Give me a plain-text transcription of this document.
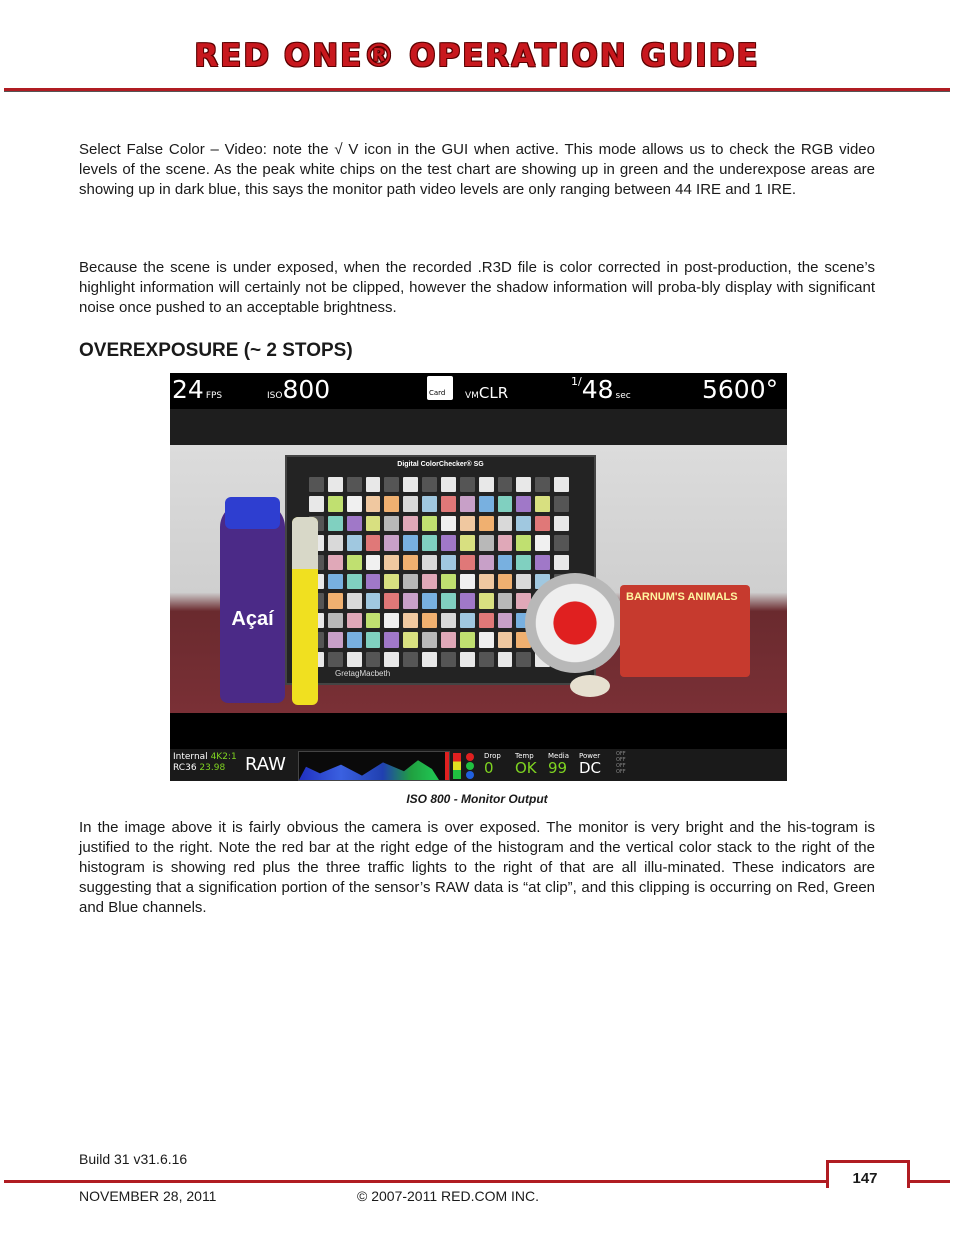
RED ONE® OPERATION GUIDE

Select False Color – Video: note the √ V icon in the GUI when active. This mode allows us to check the RGB video levels of the scene. As the peak white chips on the test chart are showing up in green and the underexpose areas are showing up in dark blue, this says the monitor path video levels are only ranging between 44 IRE and 1 IRE.

Because the scene is under exposed, when the recorded .R3D file is color corrected in post-production, the scene’s highlight information will certainly not be clipped, however the shadow information will proba-bly display with significant noise once pushed to an acceptable brightness.

OVEREXPOSURE (~ 2 STOPS)
24 FPS	ISO800	Card VMCLR
$^{1/}$48 sec	5600°
Digital ColorChecker® SG
GretagMacbeth
Açaí
BARNUM'S ANIMALS
Internal 4K2:1
RC36 23.98	RAW	Drop
0
Temp
OK
Media
99
Power
DC
OFF
OFF
OFF
OFF

ISO 800 - Monitor Output

In the image above it is fairly obvious the camera is over exposed. The monitor is very bright and the his-togram is justified to the right. Note the red bar at the right edge of the histogram and the vertical color stack to the right of the histogram is showing red plus the three traffic lights to the right of that are all illu-minated. These indicators are suggesting that a signification portion of the sensor’s RAW data is “at clip”, and this clipping is occurring on Red, Green and Blue channels.

Build 31 v31.6.16

147

NOVEMBER 28, 2011	© 2007-2011 RED.COM INC.
